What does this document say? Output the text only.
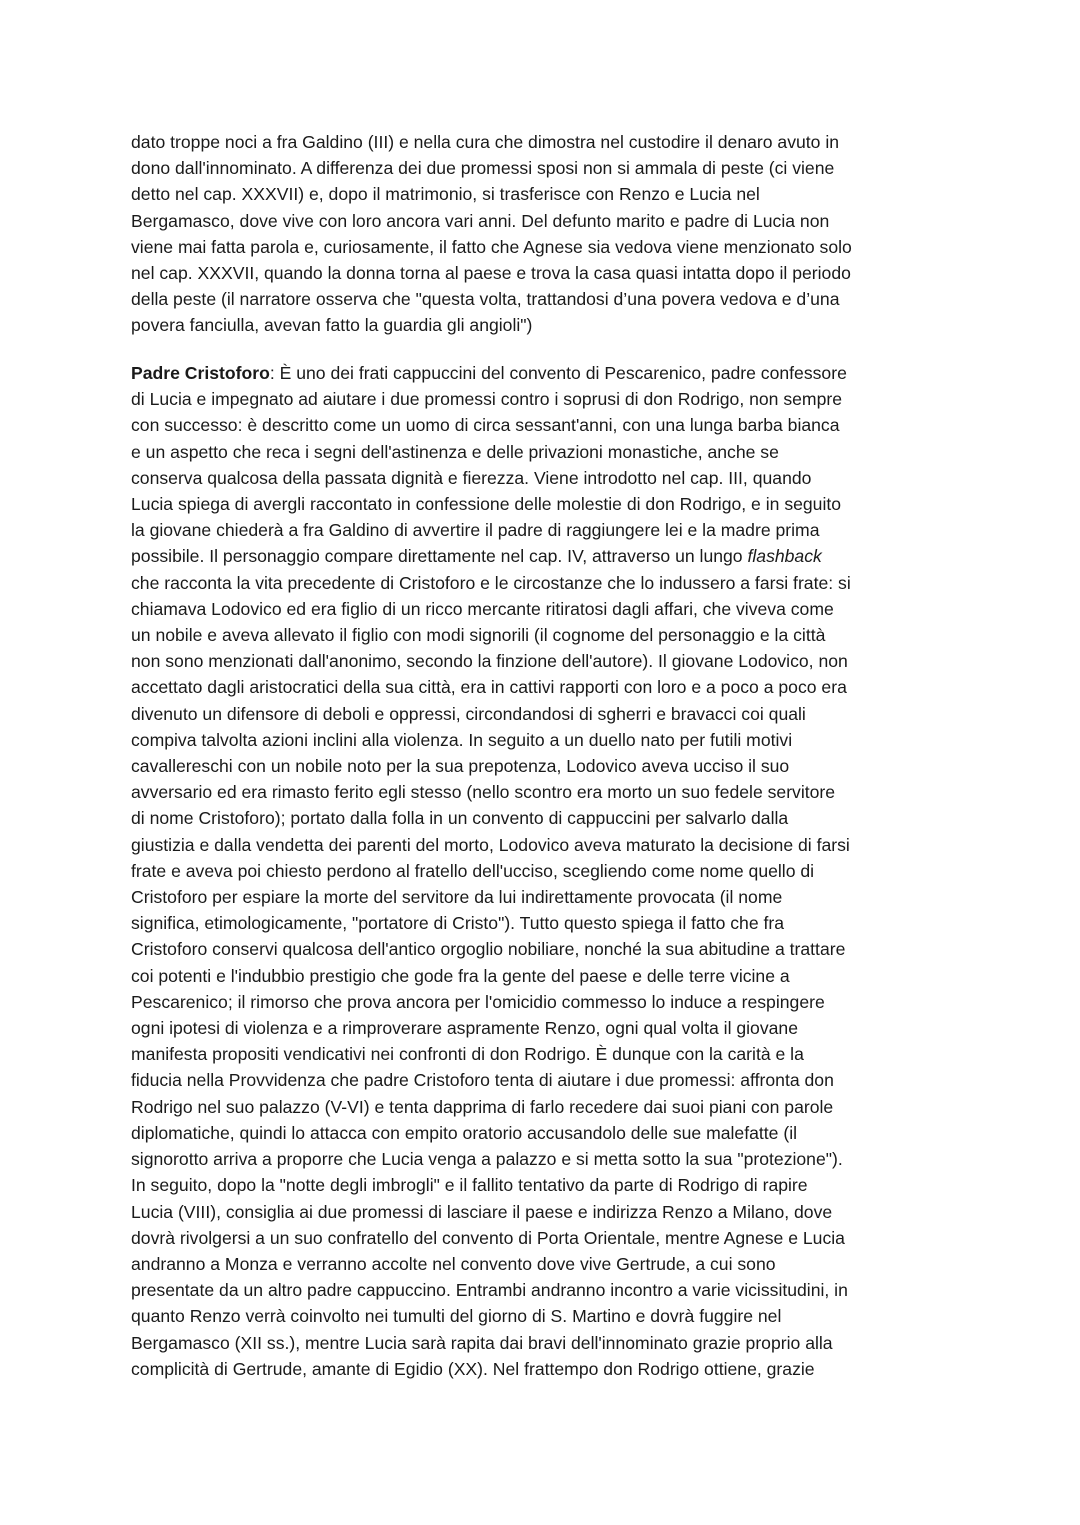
dato troppe noci a fra Galdino (III) e nella cura che dimostra nel custodire il denaro avuto in
dono dall'innominato. A differenza dei due promessi sposi non si ammala di peste (ci viene
detto nel cap. XXXVII) e, dopo il matrimonio, si trasferisce con Renzo e Lucia nel
Bergamasco, dove vive con loro ancora vari anni. Del defunto marito e padre di Lucia non
viene mai fatta parola e, curiosamente, il fatto che Agnese sia vedova viene menzionato solo
nel cap. XXXVII, quando la donna torna al paese e trova la casa quasi intatta dopo il periodo
della peste (il narratore osserva che "questa volta, trattandosi d’una povera vedova e d’una
povera fanciulla, avevan fatto la guardia gli angioli")
Padre Cristoforo: È uno dei frati cappuccini del convento di Pescarenico, padre confessore
di Lucia e impegnato ad aiutare i due promessi contro i soprusi di don Rodrigo, non sempre
con successo: è descritto come un uomo di circa sessant'anni, con una lunga barba bianca
e un aspetto che reca i segni dell'astinenza e delle privazioni monastiche, anche se
conserva qualcosa della passata dignità e fierezza. Viene introdotto nel cap. III, quando
Lucia spiega di avergli raccontato in confessione delle molestie di don Rodrigo, e in seguito
la giovane chiederà a fra Galdino di avvertire il padre di raggiungere lei e la madre prima
possibile. Il personaggio compare direttamente nel cap. IV, attraverso un lungo flashback
che racconta la vita precedente di Cristoforo e le circostanze che lo indussero a farsi frate: si
chiamava Lodovico ed era figlio di un ricco mercante ritiratosi dagli affari, che viveva come
un nobile e aveva allevato il figlio con modi signorili (il cognome del personaggio e la città
non sono menzionati dall'anonimo, secondo la finzione dell'autore). Il giovane Lodovico, non
accettato dagli aristocratici della sua città, era in cattivi rapporti con loro e a poco a poco era
divenuto un difensore di deboli e oppressi, circondandosi di sgherri e bravacci coi quali
compiva talvolta azioni inclini alla violenza. In seguito a un duello nato per futili motivi
cavallereschi con un nobile noto per la sua prepotenza, Lodovico aveva ucciso il suo
avversario ed era rimasto ferito egli stesso (nello scontro era morto un suo fedele servitore
di nome Cristoforo); portato dalla folla in un convento di cappuccini per salvarlo dalla
giustizia e dalla vendetta dei parenti del morto, Lodovico aveva maturato la decisione di farsi
frate e aveva poi chiesto perdono al fratello dell'ucciso, scegliendo come nome quello di
Cristoforo per espiare la morte del servitore da lui indirettamente provocata (il nome
significa, etimologicamente, "portatore di Cristo"). Tutto questo spiega il fatto che fra
Cristoforo conservi qualcosa dell'antico orgoglio nobiliare, nonché la sua abitudine a trattare
coi potenti e l'indubbio prestigio che gode fra la gente del paese e delle terre vicine a
Pescarenico; il rimorso che prova ancora per l'omicidio commesso lo induce a respingere
ogni ipotesi di violenza e a rimproverare aspramente Renzo, ogni qual volta il giovane
manifesta propositi vendicativi nei confronti di don Rodrigo. È dunque con la carità e la
fiducia nella Provvidenza che padre Cristoforo tenta di aiutare i due promessi: affronta don
Rodrigo nel suo palazzo (V-VI) e tenta dapprima di farlo recedere dai suoi piani con parole
diplomatiche, quindi lo attacca con empito oratorio accusandolo delle sue malefatte (il
signorotto arriva a proporre che Lucia venga a palazzo e si metta sotto la sua "protezione").
In seguito, dopo la "notte degli imbrogli" e il fallito tentativo da parte di Rodrigo di rapire
Lucia (VIII), consiglia ai due promessi di lasciare il paese e indirizza Renzo a Milano, dove
dovrà rivolgersi a un suo confratello del convento di Porta Orientale, mentre Agnese e Lucia
andranno a Monza e verranno accolte nel convento dove vive Gertrude, a cui sono
presentate da un altro padre cappuccino. Entrambi andranno incontro a varie vicissitudini, in
quanto Renzo verrà coinvolto nei tumulti del giorno di S. Martino e dovrà fuggire nel
Bergamasco (XII ss.), mentre Lucia sarà rapita dai bravi dell'innominato grazie proprio alla
complicità di Gertrude, amante di Egidio (XX). Nel frattempo don Rodrigo ottiene, grazie
